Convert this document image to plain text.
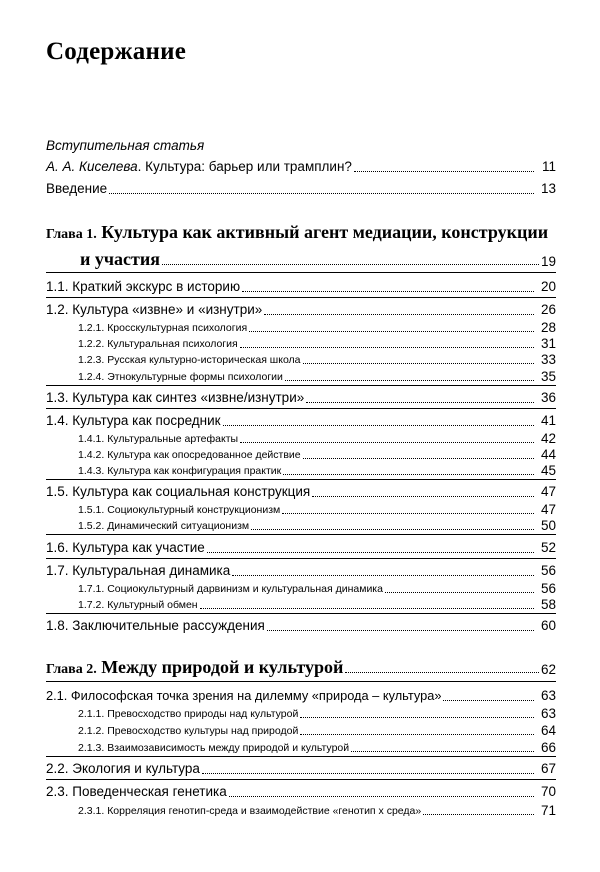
Содержание
Вступительная статья
А. А. Киселева. Культура: барьер или трамплин?	11
Введение	13
Глава 1. Культура как активный агент медиации, конструкции
и участия	19
1.1. Краткий экскурс в историю	20
1.2. Культура «извне» и «изнутри»	26
1.2.1. Кросскультурная психология	28
1.2.2. Культуральная психология	31
1.2.3. Русская культурно-историческая школа	33
1.2.4. Этнокультурные формы психологии	35
1.3. Культура как синтез «извне/изнутри»	36
1.4. Культура как посредник	41
1.4.1. Культуральные артефакты	42
1.4.2. Культура как опосредованное действие	44
1.4.3. Культура как конфигурация практик	45
1.5. Культура как социальная конструкция	47
1.5.1. Социокультурный конструкционизм	47
1.5.2. Динамический ситуационизм	50
1.6. Культура как участие	52
1.7. Культуральная динамика	56
1.7.1. Социокультурный дарвинизм и культуральная динамика	56
1.7.2. Культурный обмен	58
1.8. Заключительные рассуждения	60
Глава 2. Между природой и культурой	62
2.1. Философская точка зрения на дилемму «природа – культура»	63
2.1.1. Превосходство природы над культурой	63
2.1.2. Превосходство культуры над природой	64
2.1.3. Взаимозависимость между природой и культурой	66
2.2. Экология и культура	67
2.3. Поведенческая генетика	70
2.3.1. Корреляция генотип-среда и взаимодействие «генотип х среда»	71
